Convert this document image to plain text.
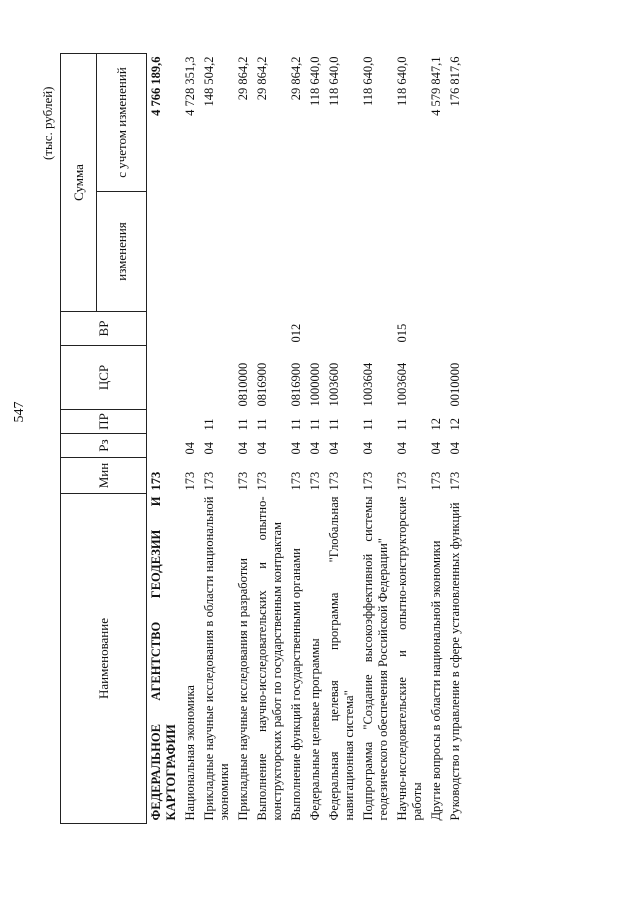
547
(тыс. рублей)
Наименование	Мин	Рз	ПР	ЦСР	ВР	Сумма	
						изменения	с учетом изменений
ФЕДЕРАЛЬНОЕ АГЕНТСТВО ГЕОДЕЗИИ И КАРТОГРАФИИ	173						4 766 189,6
Национальная экономика	173	04					4 728 351,3
Прикладные научные исследования в области национальной экономики	173	04	11				148 504,2
Прикладные научные исследования и разработки	173	04	11	0810000			29 864,2
Выполнение научно-исследовательских и опытно-конструкторских работ по государственным контрактам	173	04	11	0816900			29 864,2
Выполнение функций государственными органами	173	04	11	0816900	012		29 864,2
Федеральные целевые программы	173	04	11	1000000			118 640,0
Федеральная целевая программа "Глобальная навигационная система"	173	04	11	1003600			118 640,0
Подпрограмма "Создание высокоэффективной системы геодезического обеспечения Российской Федерации"	173	04	11	1003604			118 640,0
Научно-исследовательские и опытно-конструкторские работы	173	04	11	1003604	015		118 640,0
Другие вопросы в области национальной экономики	173	04	12				4 579 847,1
Руководство и управление в сфере установленных функций	173	04	12	0010000			176 817,6
